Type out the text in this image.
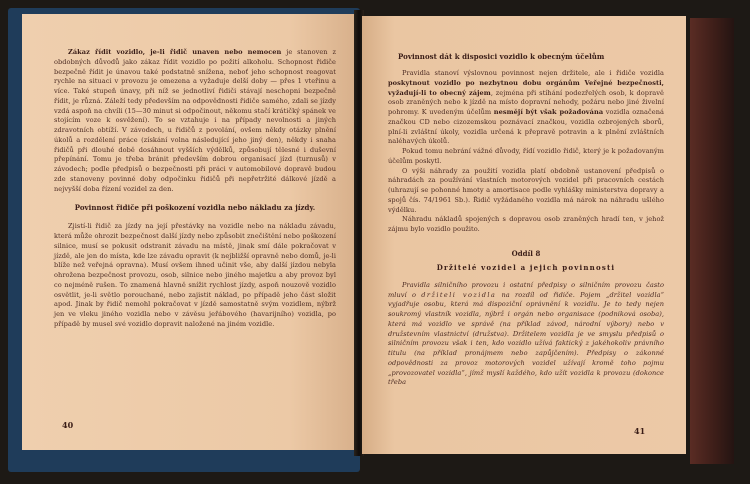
Zákaz řídit vozidlo, je-li řidič unaven nebo nemocen je stanoven z obdobných důvodů jako zákaz řídit vozidlo po požití alkoholu. Schopnost řidiče bezpečně řídit je únavou také podstatně snížena, neboť jeho schopnost reagovat rychle na situaci v provozu je omezena a vyžaduje delší doby — přes 1 vteřinu a více. Také stupeň únavy, při níž se jednotliví řidiči stávají neschopni bezpečně řídit, je různá. Záleží tedy především na odpovědnosti řidiče samého, zdali se jízdy vzdá aspoň na chvíli (15—30 minut si odpočinout, někomu stačí krátičký spánek ve stojícím voze k osvěžení). To se vztahuje i na případy nevolnosti a jiných zdravotních obtíží. V závodech, u řidičů z povolání, ovšem někdy otázky plnění úkolů a rozdělení práce (získání volna následující jeho jiný den), někdy i snaha řidičů při dlouhé době dosáhnout vyšších výdělků, způsobují tělesné i duševní přepínání. Tomu je třeba bránit především dobrou organisací jízd (turnusů) v závodech; podle předpisů o bezpečnosti při práci v automobilové dopravě budou zde stanoveny povinné doby odpočinku řidičů při nepřetržité dálkové jízdě a nejvyšší doba řízení vozidel za den.

Povinnost řidiče při poškození vozidla nebo nákladu za jízdy.

Zjistí-li řidič za jízdy na její přestávky na vozidle nebo na nákladu závadu, která může ohrozit bezpečnost další jízdy nebo způsobit znečištění nebo poškození silnice, musí se pokusit odstranit závadu na místě, jinak smí dále pokračovat v jízdě, ale jen do místa, kde lze závadu opravit (k nejbližší opravně nebo domů, je-li blíže než veřejná opravna). Musí ovšem ihned učinit vše, aby další jízdou nebyla ohrožena bezpečnost provozu, osob, silnice nebo jiného majetku a aby provoz byl co nejméně rušen. To znamená hlavně snížit rychlost jízdy, aspoň nouzově vozidlo osvětlit, je-li světlo porouchané, nebo zajistit náklad, po případě jeho část složit apod. Jinak by řidič nemohl pokračovat v jízdě samostatně svým vozidlem, nýbrž jen ve vleku jiného vozidla nebo v závěsu jeřábového (havarijního) vozidla, po případě by musel své vozidlo dopravit naložené na jiném vozidle.

40
Povinnost dát k disposici vozidlo k obecným účelům

Pravidla stanoví výslovnou povinnost nejen držitele, ale i řidiče vozidla poskytnout vozidlo po nezbytnou dobu orgánům Veřejné bezpečnosti, vyžadují-li to obecný zájem, zejména při stíhání podezřelých osob, k dopravě osob zraněných nebo k jízdě na místo dopravní nehody, požáru nebo jiné živelní pohromy. K uvedeným účelům nesmějí být však požadována vozidla označená značkou CD nebo cizozemskou poznávací značkou, vozidla ozbrojených sborů, plní-li zvláštní úkoly, vozidla určená k přepravě potravin a k plnění zvláštních naléhavých úkolů.

Pokud tomu nebrání vážné důvody, řídí vozidlo řidič, který je k požadovaným účelům poskytl.

O výši náhrady za použití vozidla platí obdobně ustanovení předpisů o náhradách za používání vlastních motorových vozidel při pracovních cestách (uhrazují se pohonné hmoty a amortisace podle vyhlášky ministerstva dopravy a spojů čís. 74/1961 Sb.). Řidič vyžádaného vozidla má nárok na náhradu ušlého výdělku.

Náhradu nákladů spojených s dopravou osob zraněných hradí ten, v jehož zájmu bylo vozidlo použito.

Oddíl 8
Držitelé vozidel a jejich povinnosti

Pravidla silničního provozu i ostatní předpisy o silničním provozu často mluví o držiteli vozidla na rozdíl od řidiče. Pojem „držitel vozidla“ vyjadřuje osobu, která má dispoziční oprávnění k vozidlu. Je to tedy nejen soukromý vlastník vozidla, nýbrž i orgán nebo organisace (podniková osoba), která má vozidlo ve správě (na příklad závod, národní výbory) nebo v družstevním vlastnictví (družstva). Držitelem vozidla je ve smyslu předpisů o silničním provozu však i ten, kdo vozidlo užívá faktický z jakéhokoliv právního titulu (na příklad pronájmem nebo zapůjčením). Předpisy o zákonné odpovědnosti za provoz motorových vozidel užívají kromě toho pojmu „provozovatel vozidla“, jímž myslí každého, kdo užít vozidla k provozu (dokonce třeba

41
